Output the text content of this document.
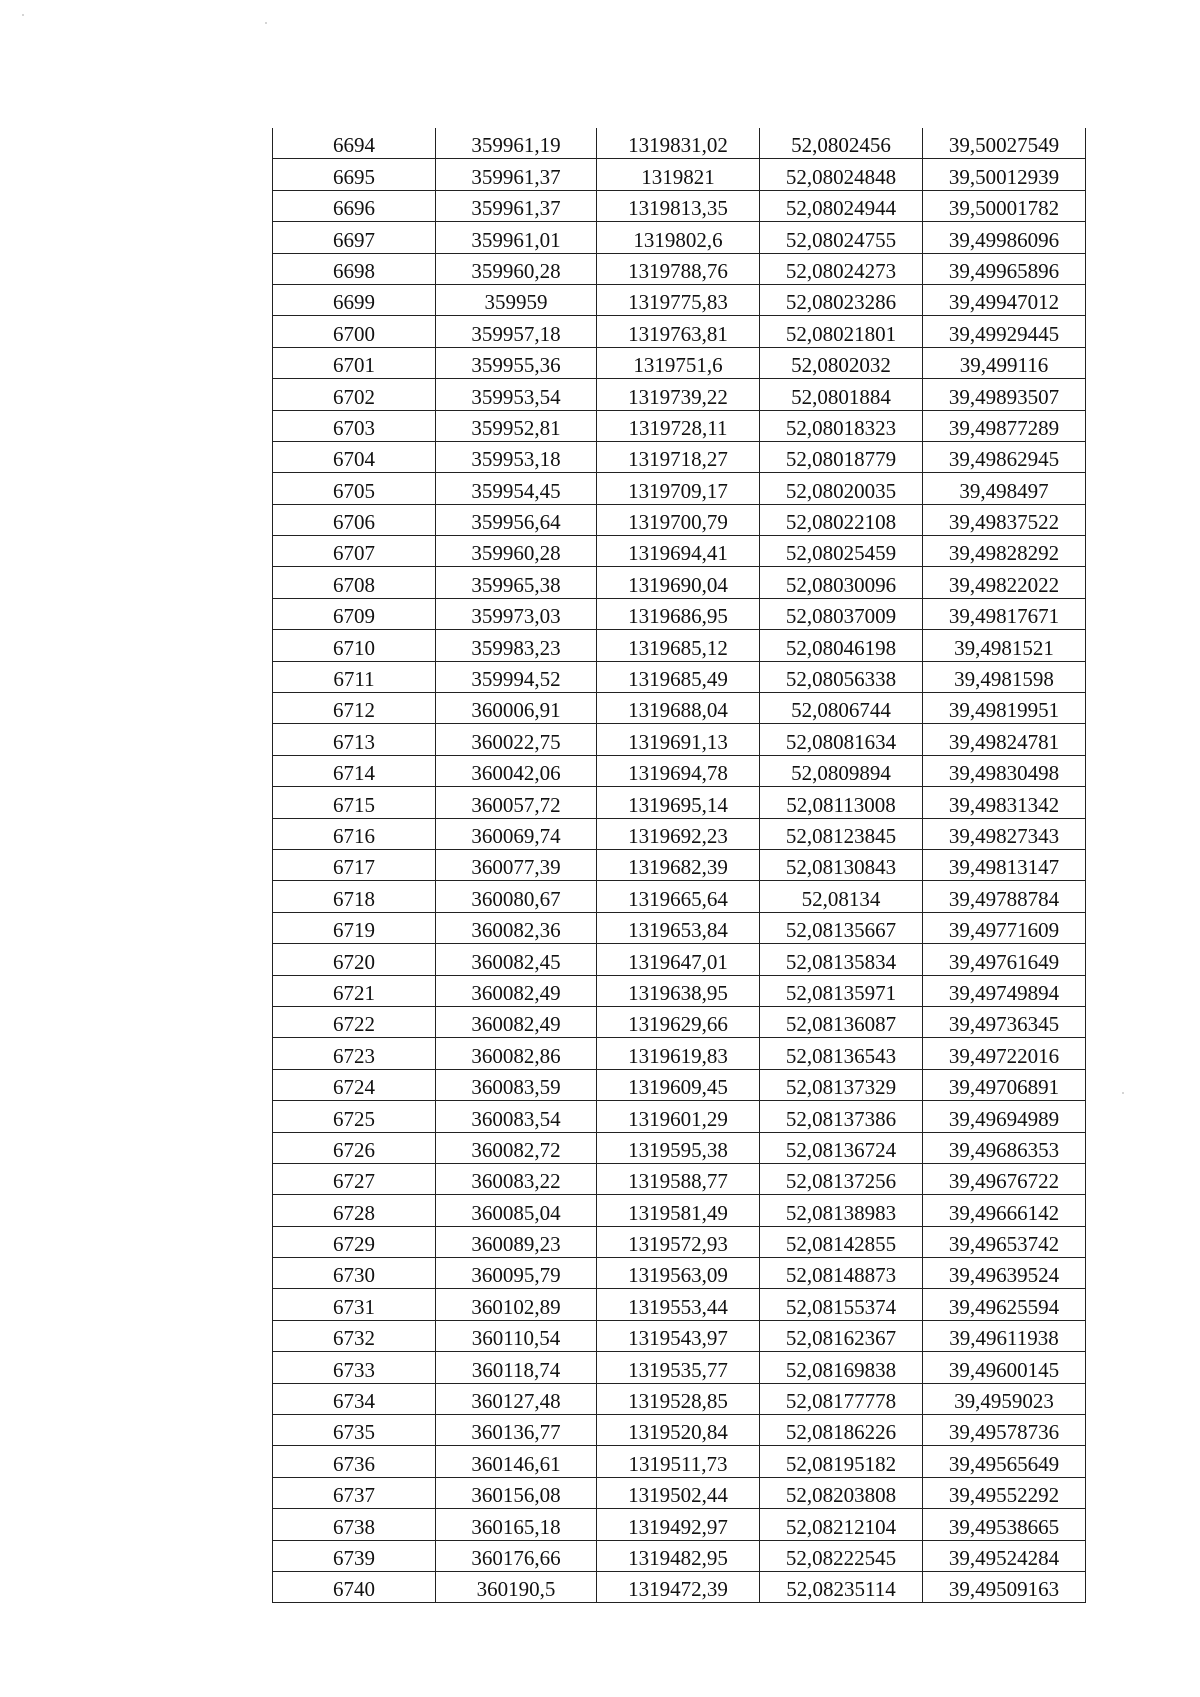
6694	359961,19	1319831,02	52,0802456	39,50027549
6695	359961,37	1319821	52,08024848	39,50012939
6696	359961,37	1319813,35	52,08024944	39,50001782
6697	359961,01	1319802,6	52,08024755	39,49986096
6698	359960,28	1319788,76	52,08024273	39,49965896
6699	359959	1319775,83	52,08023286	39,49947012
6700	359957,18	1319763,81	52,08021801	39,49929445
6701	359955,36	1319751,6	52,0802032	39,499116
6702	359953,54	1319739,22	52,0801884	39,49893507
6703	359952,81	1319728,11	52,08018323	39,49877289
6704	359953,18	1319718,27	52,08018779	39,49862945
6705	359954,45	1319709,17	52,08020035	39,498497
6706	359956,64	1319700,79	52,08022108	39,49837522
6707	359960,28	1319694,41	52,08025459	39,49828292
6708	359965,38	1319690,04	52,08030096	39,49822022
6709	359973,03	1319686,95	52,08037009	39,49817671
6710	359983,23	1319685,12	52,08046198	39,4981521
6711	359994,52	1319685,49	52,08056338	39,4981598
6712	360006,91	1319688,04	52,0806744	39,49819951
6713	360022,75	1319691,13	52,08081634	39,49824781
6714	360042,06	1319694,78	52,0809894	39,49830498
6715	360057,72	1319695,14	52,08113008	39,49831342
6716	360069,74	1319692,23	52,08123845	39,49827343
6717	360077,39	1319682,39	52,08130843	39,49813147
6718	360080,67	1319665,64	52,08134	39,49788784
6719	360082,36	1319653,84	52,08135667	39,49771609
6720	360082,45	1319647,01	52,08135834	39,49761649
6721	360082,49	1319638,95	52,08135971	39,49749894
6722	360082,49	1319629,66	52,08136087	39,49736345
6723	360082,86	1319619,83	52,08136543	39,49722016
6724	360083,59	1319609,45	52,08137329	39,49706891
6725	360083,54	1319601,29	52,08137386	39,49694989
6726	360082,72	1319595,38	52,08136724	39,49686353
6727	360083,22	1319588,77	52,08137256	39,49676722
6728	360085,04	1319581,49	52,08138983	39,49666142
6729	360089,23	1319572,93	52,08142855	39,49653742
6730	360095,79	1319563,09	52,08148873	39,49639524
6731	360102,89	1319553,44	52,08155374	39,49625594
6732	360110,54	1319543,97	52,08162367	39,49611938
6733	360118,74	1319535,77	52,08169838	39,49600145
6734	360127,48	1319528,85	52,08177778	39,4959023
6735	360136,77	1319520,84	52,08186226	39,49578736
6736	360146,61	1319511,73	52,08195182	39,49565649
6737	360156,08	1319502,44	52,08203808	39,49552292
6738	360165,18	1319492,97	52,08212104	39,49538665
6739	360176,66	1319482,95	52,08222545	39,49524284
6740	360190,5	1319472,39	52,08235114	39,49509163
